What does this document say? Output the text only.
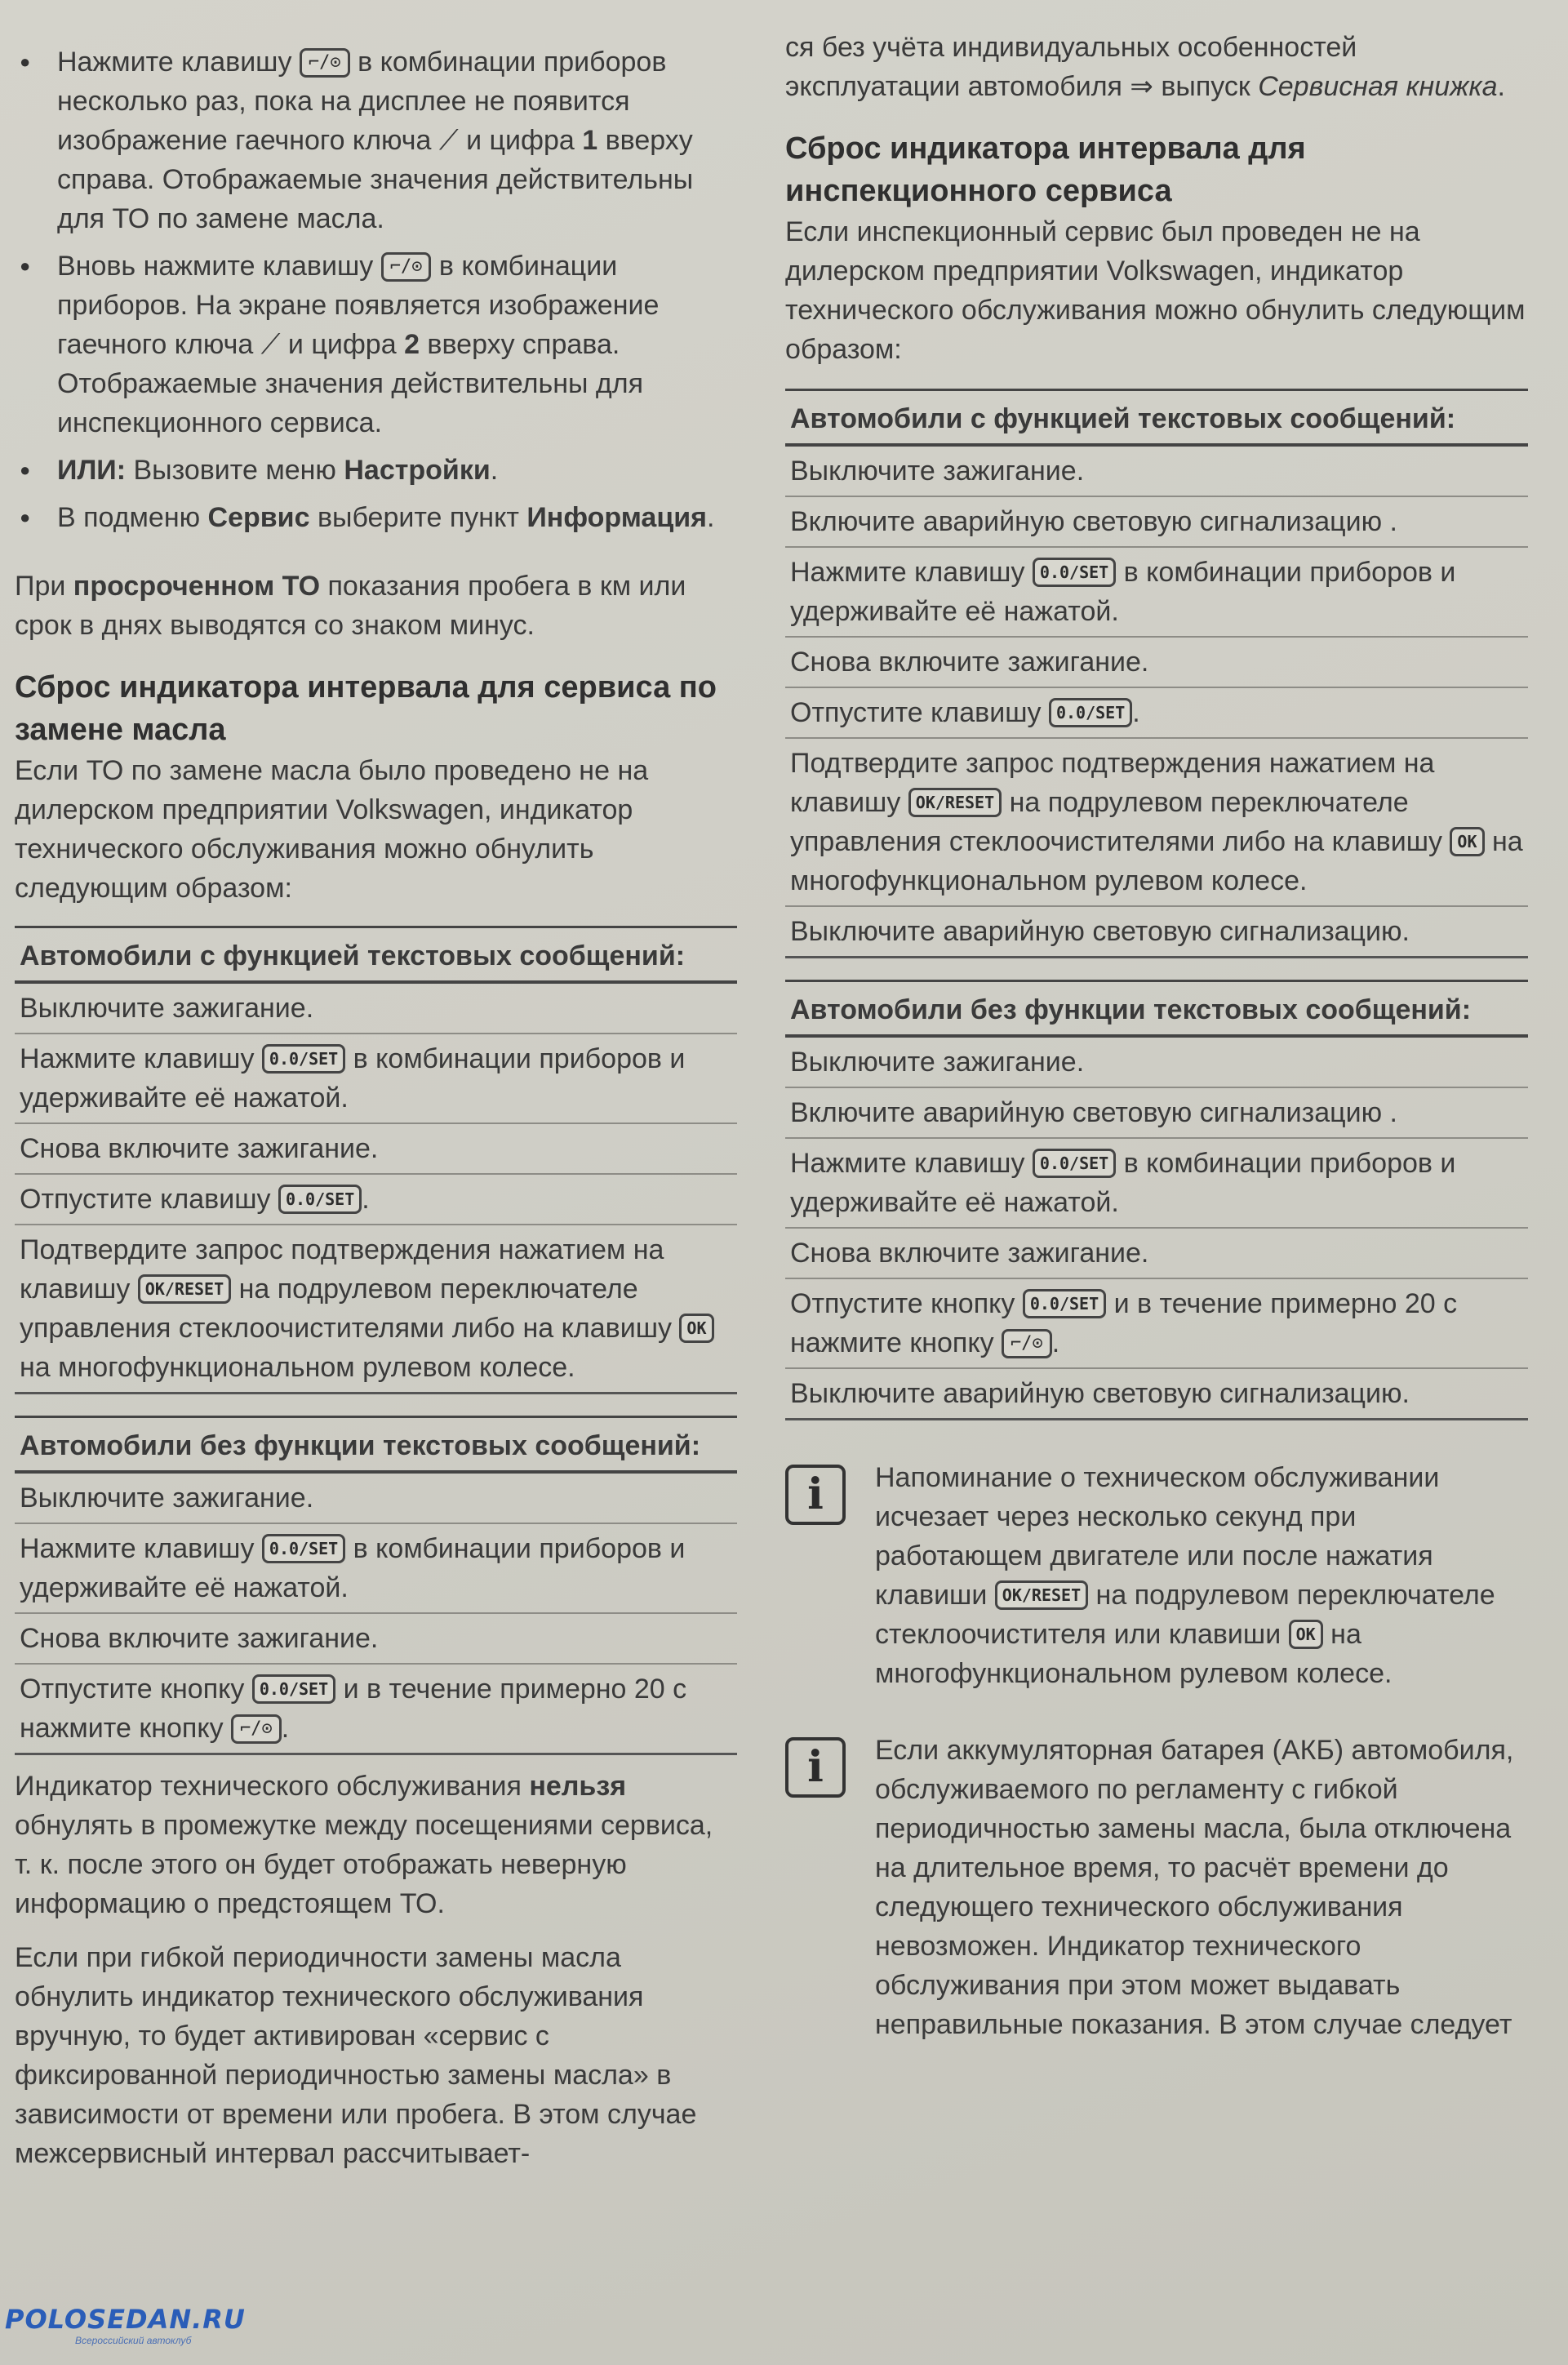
● Нажмите клавишу ⌐/⊙ в комбинации приборов несколько раз, пока на дисплее не появится изображение гаечного ключа ⟋ и цифра 1 вверху справа. Отображаемые значения действительны для ТО по замене масла.

● Вновь нажмите клавишу ⌐/⊙ в комбинации приборов. На экране появляется изображение гаечного ключа ⟋ и цифра 2 вверху справа. Отображаемые значения действительны для инспекционного сервиса.

● ИЛИ: Вызовите меню Настройки.

● В подменю Сервис выберите пункт Информация.

При просроченном ТО показания пробега в км или срок в днях выводятся со знаком минус.

Сброс индикатора интервала для сервиса по замене масла

Если ТО по замене масла было проведено не на дилерском предприятии Volkswagen, индикатор технического обслуживания можно обнулить следующим образом:

Автомобили с функцией текстовых сообщений:
Выключите зажигание.
Нажмите клавишу 0.0/SET в комбинации приборов и удерживайте её нажатой.
Снова включите зажигание.
Отпустите клавишу 0.0/SET .
Подтвердите запрос подтверждения нажатием на клавишу OK/RESET на подрулевом переключателе управления стеклоочистителями либо на клавишу OK на многофункциональном рулевом колесе.
Автомобили без функции текстовых сообщений:
Выключите зажигание.
Нажмите клавишу 0.0/SET в комбинации приборов и удерживайте её нажатой.
Снова включите зажигание.
Отпустите кнопку 0.0/SET и в течение примерно 20 с нажмите кнопку ⌐/⊙ .

Индикатор технического обслуживания нельзя обнулять в промежутке между посещениями сервиса, т. к. после этого он будет отображать неверную информацию о предстоящем ТО.

Если при гибкой периодичности замены масла обнулить индикатор технического обслуживания вручную, то будет активирован «сервис с фиксированной периодичностью замены масла» в зависимости от времени или пробега. В этом случае межсервисный интервал рассчитывает-

ся без учёта индивидуальных особенностей эксплуатации автомобиля ⇒ выпуск Сервисная книжка.

Сброс индикатора интервала для инспекционного сервиса

Если инспекционный сервис был проведен не на дилерском предприятии Volkswagen, индикатор технического обслуживания можно обнулить следующим образом:

Автомобили с функцией текстовых сообщений:
Выключите зажигание.
Включите аварийную световую сигнализацию .
Нажмите клавишу 0.0/SET в комбинации приборов и удерживайте её нажатой.
Снова включите зажигание.
Отпустите клавишу 0.0/SET .
Подтвердите запрос подтверждения нажатием на клавишу OK/RESET на подрулевом переключателе управления стеклоочистителями либо на клавишу OK на многофункциональном рулевом колесе.
Выключите аварийную световую сигнализацию.
Автомобили без функции текстовых сообщений:
Выключите зажигание.
Включите аварийную световую сигнализацию .
Нажмите клавишу 0.0/SET в комбинации приборов и удерживайте её нажатой.
Снова включите зажигание.
Отпустите кнопку 0.0/SET и в течение примерно 20 с нажмите кнопку ⌐/⊙ .
Выключите аварийную световую сигнализацию.
i	Напоминание о техническом обслуживании исчезает через несколько секунд при работающем двигателе или после нажатия клавиши OK/RESET на подрулевом переключателе стеклоочистителя или клавиши OK на многофункциональном рулевом колесе.

i	Если аккумуляторная батарея (АКБ) автомобиля, обслуживаемого по регламенту с гибкой периодичностью замены масла, была отключена на длительное время, то расчёт времени до следующего технического обслуживания невозможен. Индикатор технического обслуживания при этом может выдавать неправильные показания. В этом случае следует

POLOSEDAN.RU
Всероссийский автоклуб
